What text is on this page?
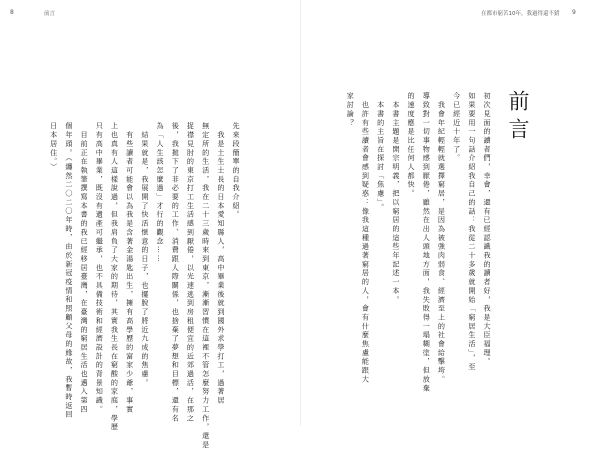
8	前言	在都市窮苦10年，我過得還不錯 9
前言
初次見面的讀者們，幸會，還有已經認識我的讀者好，我是大臣福理。
如果要用一句話介紹我自己的話：我從二十多歲就開始「窮居生活」，至
今已經近十年了。
　我會年紀輕輕就選擇窮居，是因為被強肉弱食、經濟至上的社會給擊垮。
導致對一切事物感到厭倦，雖然在出人頭地方面，我失敗得一塌糊塗，但放棄
的速度應是比任何人都快。
　本書主題是開宗明義，把以窮居的這些年記述一本。
　本書的主旨在探討「焦慮」。
　也許有些讀者會感到疑惑：像我這種過著窮居的人，會有什麼焦慮能跟大
家討論？
先來段簡單的自我介紹。
　我是土生土長的日本愛知縣人，高中畢業後就到國外求學打工，過著居
無定所的生活，我在二十三歲時來到東京，漸漸習慣在這裡不管怎麼努力工作，還是
捉襟見肘的東京打工生活感到厭倦，以光速逃到房租便宜的近郊過活，在那之
後，我拋下了非必要的工作、消費跟人際關係，也捨棄了夢想和目標，還有名
為「人生該怎麼過」才行的觀念……
　結果就是，我展開了快活愜意的日子，也擺脫了將近九成的焦慮。
　有些讀者可能會以為我是含著金湯匙出生，擁有高學歷的富家少爺，事實
上也真有人這樣說過，但我肩負了大家的期待，其實我生長在窮酸的家庭，學歷
只有高中畢業，既沒有遺產可繼承，也不具備技術和經濟設計的背景知識。
　目前正在執筆撰寫本書的我已經移居臺灣，在臺灣的窮居生活也邁入第四
個年頭。（纏然二〇二〇年時，由於新冠疫情和照顧父母的緣故，我暫時返回
日本居住。）
